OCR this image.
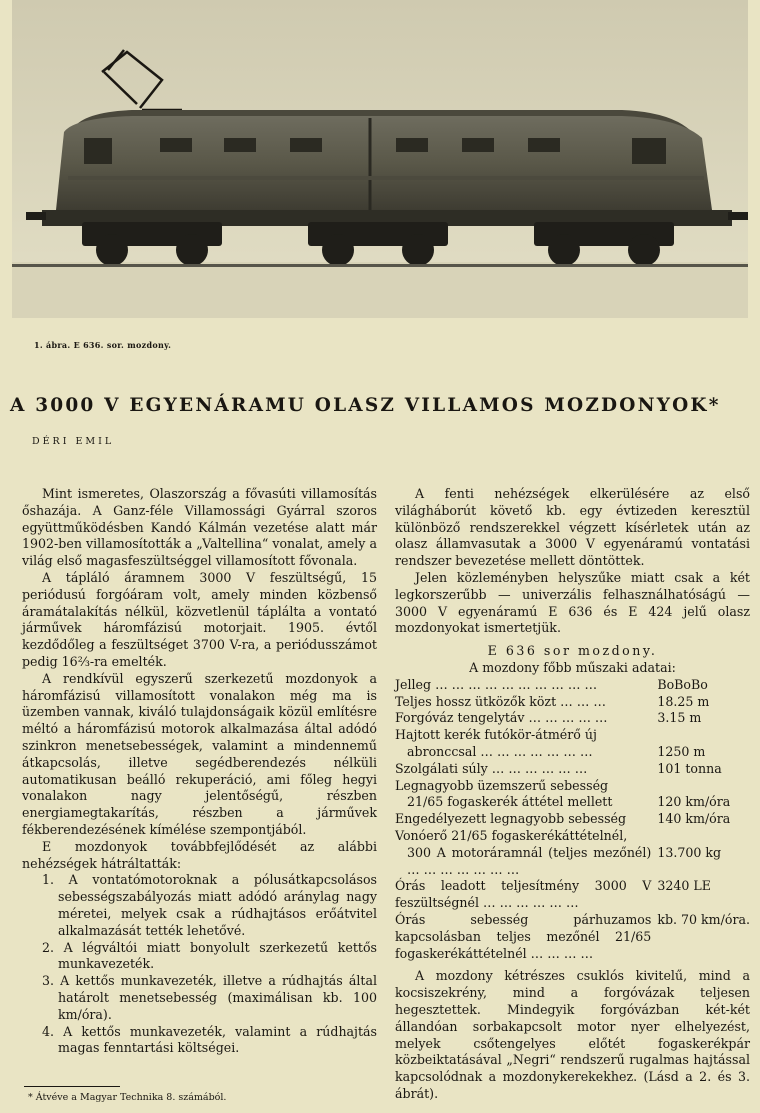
1. ábra. E 636. sor. mozdony.
A 3000 V EGYENÁRAMU OLASZ VILLAMOS MOZDONYOK*
DÉRI EMIL

Mint ismeretes, Olaszország a fővasúti villamosítás őshazája. A Ganz-féle Villamossági Gyárral szoros együttműködésben Kandó Kálmán vezetése alatt már 1902-ben villamosították a „Valtellina“ vonalat, amely a világ első magasfeszültséggel villamosított fővonala.

A tápláló áramnem 3000 V feszültségű, 15 periódusú forgóáram volt, amely minden közbenső áramátalakítás nélkül, közvetlenül táplálta a vontató járművek háromfázisú motorjait. 1905. évtől kezdődőleg a feszültséget 3700 V-ra, a periódusszámot pedig 16⅔-ra emelték.

A rendkívül egyszerű szerkezetű mozdonyok a háromfázisú villamosított vonalakon még ma is üzemben vannak, kiváló tulajdonságaik közül említésre méltó a háromfázisú motorok alkalmazása által adódó szinkron menetsebességek, valamint a mindennemű átkapcsolás, illetve segédberendezés nélküli automatikusan beálló rekuperáció, ami főleg hegyi vonalakon nagy jelentőségű, részben energiamegtakarítás, részben a járművek fékberendezésének kímélése szempontjából.

E mozdonyok továbbfejlődését az alábbi nehézségek hátráltatták:

1. A vontatómotoroknak a pólusátkapcsolásos sebességszabályozás miatt adódó aránylag nagy méretei, melyek csak a rúdhajtásos erőátvitel alkalmazását tették lehetővé.
2. A légváltói miatt bonyolult szerkezetű kettős munkavezeték.
3. A kettős munkavezeték, illetve a rúdhajtás által határolt menetsebesség (maximálisan kb. 100 km/óra).
4. A kettős munkavezeték, valamint a rúdhajtás magas fenntartási költségei.
* Átvéve a Magyar Technika 8. számából.

A fenti nehézségek elkerülésére az első világháborút követő kb. egy évtizeden keresztül különböző rendszerekkel végzett kísérletek után az olasz államvasutak a 3000 V egyenáramú vontatási rendszer bevezetése mellett döntöttek.

Jelen közleményben helyszűke miatt csak a két legkorszerűbb — univerzális felhasználhatóságú — 3000 V egyenáramú E 636 és E 424 jelű olasz mozdonyokat ismertetjük.

E 636 sor mozdony.
A mozdony főbb műszaki adatai:
Jelleg … … … … … … … … … …	BoBoBo
Teljes hossz ütközők közt … … …	18.25 m
Forgóváz tengelytáv … … … … …	3.15 m
Hajtott kerék futókör-átmérő új	
abronccsal … … … … … … …	1250 m
Szolgálati súly … … … … … …	101 tonna
Legnagyobb üzemszerű sebesség	
21/65 fogaskerék áttétel mellett	120 km/óra
Engedélyezett legnagyobb sebesség	140 km/óra
Vonóerő 21/65 fogaskerékáttételnél,	
300 A motoráramnál (teljes mezőnél) … … … … … … …	13.700 kg
Órás leadott teljesítmény 3000 V feszültségnél … … … … … …	3240 LE
Órás sebesség párhuzamos kapcsolásban teljes mezőnél 21/65 fogaskerékáttételnél … … … …	kb. 70 km/óra.

A mozdony kétrészes csuklós kivitelű, mind a kocsiszekrény, mind a forgóvázak teljesen hegesztettek. Mindegyik forgóvázban két-két állandóan sorbakapcsolt motor nyer elhelyezést, melyek csőtengelyes előtét fogaskerékpár közbeiktatásával „Negri“ rendszerű rugalmas hajtással kapcsolódnak a mozdonykerekekhez. (Lásd a 2. és 3. ábrát).
